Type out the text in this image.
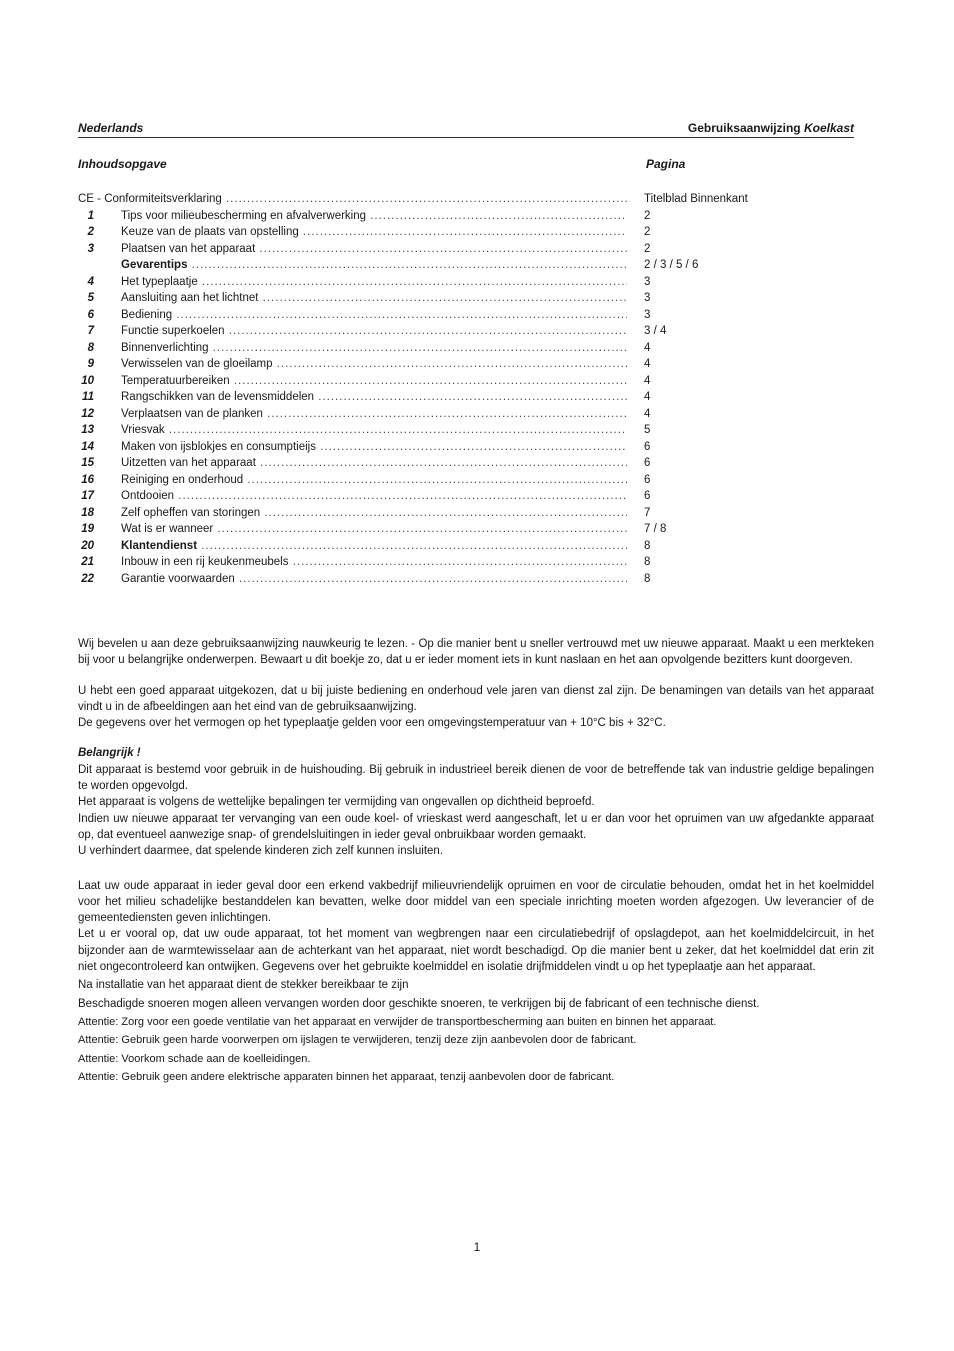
Nederlands	Gebruiksaanwijzing Koelkast
Inhoudsopgave	Pagina
CE - Conformiteitsverklaring .....	Titelblad Binnenkant
1 Tips voor milieubescherming en afvalverwerking .....	2
2 Keuze van de plaats van opstelling .....	2
3 Plaatsen van het apparaat .....	2
Gevarentips .....	2 / 3 / 5 / 6
4 Het typeplaatje .....	3
5 Aansluiting aan het lichtnet .....	3
6 Bediening .....	3
7 Functie superkoelen .....	3 / 4
8 Binnenverlichting .....	4
9 Verwisselen van de gloeilamp .....	4
10 Temperatuurbereiken .....	4
11 Rangschikken van de levensmiddelen .....	4
12 Verplaatsen van de planken .....	4
13 Vriesvak .....	5
14 Maken von ijsblokjes en consumptieijs .....	6
15 Uitzetten van het apparaat .....	6
16 Reiniging en onderhoud .....	6
17 Ontdooien .....	6
18 Zelf opheffen van storingen .....	7
19 Wat is er wanneer .....	7 / 8
20 Klantendienst .....	8
21 Inbouw in een rij keukenmeubels .....	8
22 Garantie voorwaarden .....	8

Wij bevelen u aan deze gebruiksaanwijzing nauwkeurig te lezen. - Op die manier bent u sneller vertrouwd met uw nieuwe apparaat. Maakt u een merkteken bij voor u belangrijke onderwerpen. Bewaart u dit boekje zo, dat u er ieder moment iets in kunt naslaan en het aan opvolgende bezitters kunt doorgeven.

U hebt een goed apparaat uitgekozen, dat u bij juiste bediening en onderhoud vele jaren van dienst zal zijn. De benamingen van details van het apparaat vindt u in de afbeeldingen aan het eind van de gebruiksaanwijzing.

De gegevens over het vermogen op het typeplaatje gelden voor een omgevingstemperatuur van + 10°C bis + 32°C.

Belangrijk !

Dit apparaat is bestemd voor gebruik in de huishouding. Bij gebruik in industrieel bereik dienen de voor de betreffende tak van industrie geldige bepalingen te worden opgevolgd.

Het apparaat is volgens de wettelijke bepalingen ter vermijding van ongevallen op dichtheid beproefd.

Indien uw nieuwe apparaat ter vervanging van een oude koel- of vrieskast werd aangeschaft, let u er dan voor het opruimen van uw afgedankte apparaat op, dat eventueel aanwezige snap- of grendelsluitingen in ieder geval onbruikbaar worden gemaakt.

U verhindert daarmee, dat spelende kinderen zich zelf kunnen insluiten.

Laat uw oude apparaat in ieder geval door een erkend vakbedrijf milieuvriendelijk opruimen en voor de circulatie behouden, omdat het in het koelmiddel voor het milieu schadelijke bestanddelen kan bevatten, welke door middel van een speciale inrichting moeten worden afgezogen. Uw leverancier of de gemeentediensten geven inlichtingen.

Let u er vooral op, dat uw oude apparaat, tot het moment van wegbrengen naar een circulatiebedrijf of opslagdepot, aan het koelmiddelcircuit, in het bijzonder aan de warmtewisselaar aan de achterkant van het apparaat, niet wordt beschadigd. Op die manier bent u zeker, dat het koelmiddel dat erin zit niet ongecontroleerd kan ontwijken. Gegevens over het gebruikte koelmiddel en isolatie drijfmiddelen vindt u op het typeplaatje aan het apparaat.

Na installatie van het apparaat dient de stekker bereikbaar te zijn

Beschadigde snoeren mogen alleen vervangen worden door geschikte snoeren, te verkrijgen bij de fabricant of een technische dienst.

Attentie: Zorg voor een goede ventilatie van het apparaat en verwijder de transportbescherming aan buiten en binnen het apparaat.

Attentie: Gebruik geen harde voorwerpen om ijslagen te verwijderen, tenzij deze zijn aanbevolen door de fabricant.

Attentie: Voorkom schade aan de koelleidingen.

Attentie: Gebruik geen andere elektrische apparaten binnen het apparaat, tenzij aanbevolen door de fabricant.

1
